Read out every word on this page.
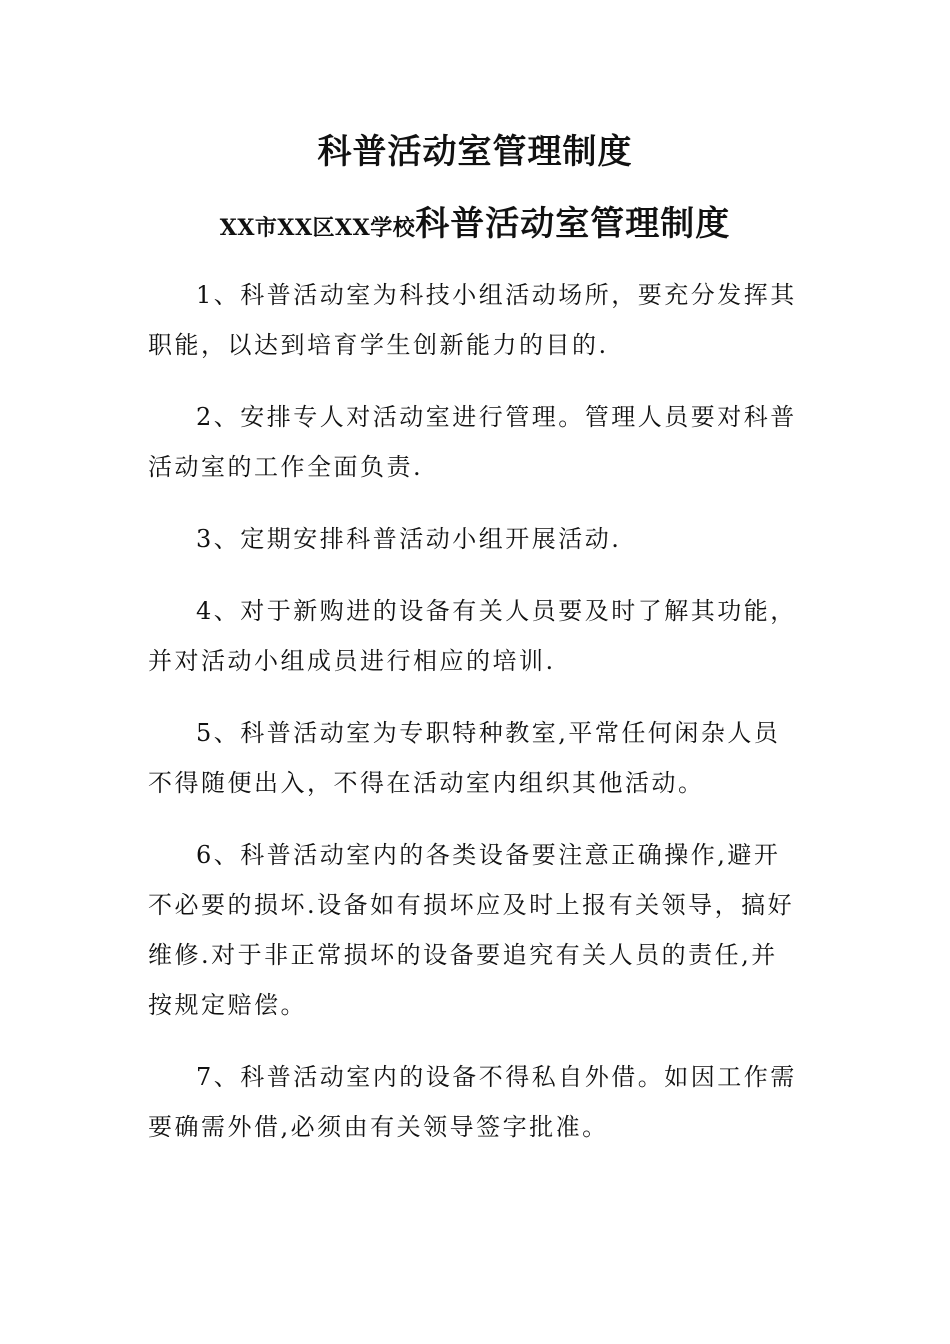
科普活动室管理制度
XX市XX区XX学校科普活动室管理制度

1、科普活动室为科技小组活动场所，要充分发挥其职能，以达到培育学生创新能力的目的.

2、安排专人对活动室进行管理。管理人员要对科普活动室的工作全面负责.

3、定期安排科普活动小组开展活动.

4、对于新购进的设备有关人员要及时了解其功能，并对活动小组成员进行相应的培训.

5、科普活动室为专职特种教室,平常任何闲杂人员不得随便出入，不得在活动室内组织其他活动。

6、科普活动室内的各类设备要注意正确操作,避开不必要的损坏.设备如有损坏应及时上报有关领导，搞好维修.对于非正常损坏的设备要追究有关人员的责任,并按规定赔偿。

7、科普活动室内的设备不得私自外借。如因工作需要确需外借,必须由有关领导签字批准。
